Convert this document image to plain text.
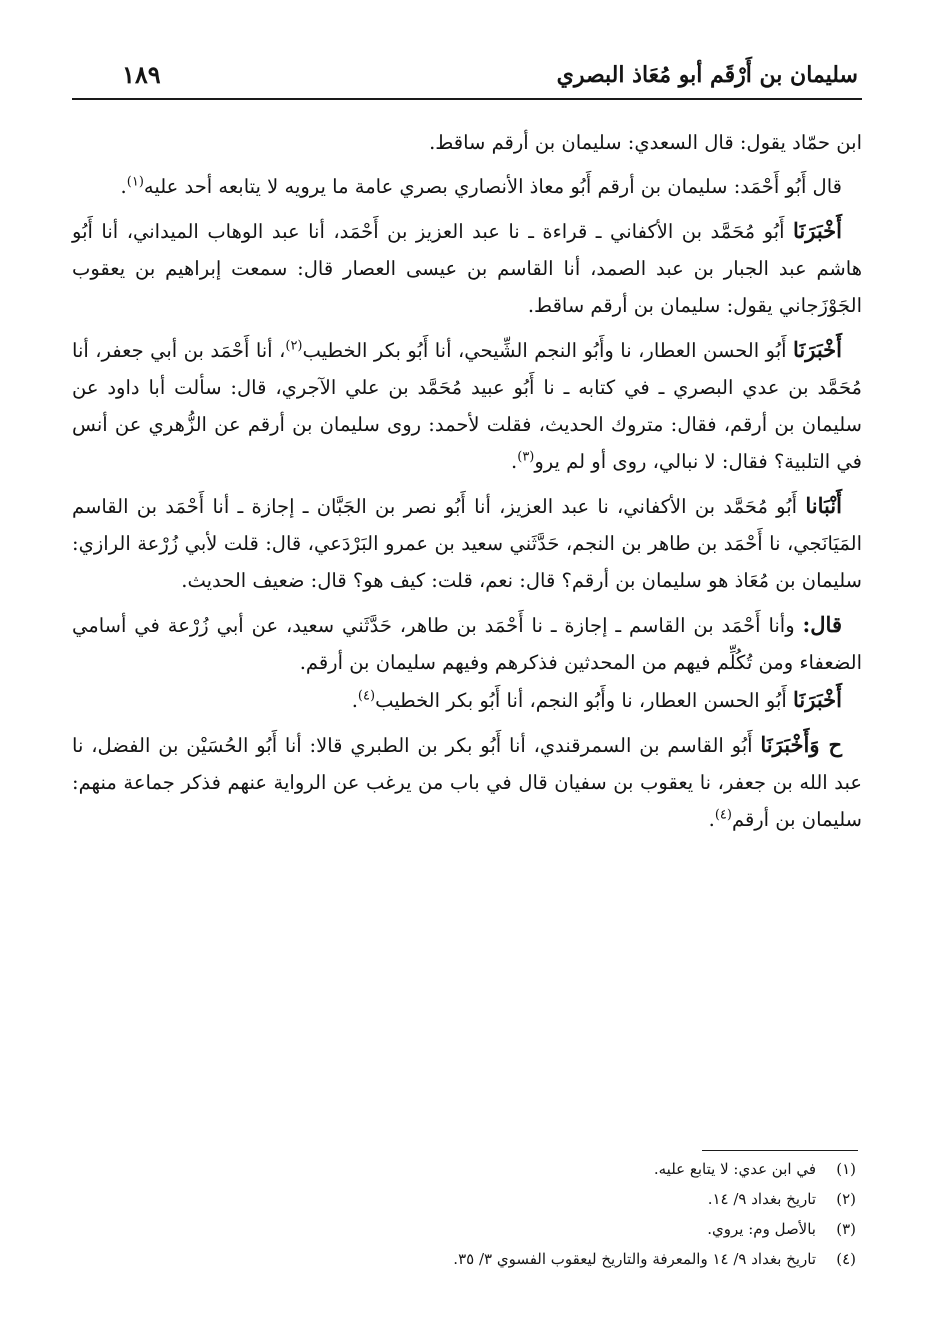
سليمان بن أَرْقَم أبو مُعَاذ البصري
١٨٩

ابن حمّاد يقول: قال السعدي: سليمان بن أرقم ساقط.

قال أَبُو أَحْمَد: سليمان بن أرقم أَبُو معاذ الأنصاري بصري عامة ما يرويه لا يتابعه أحد عليه$^{(١)}$.

أَخْبَرَنَا أَبُو مُحَمَّد بن الأكفاني ـ قراءة ـ نا عبد العزيز بن أَحْمَد، أنا عبد الوهاب الميداني، أنا أَبُو هاشم عبد الجبار بن عبد الصمد، أنا القاسم بن عيسى العصار قال: سمعت إبراهيم بن يعقوب الجَوْزَجاني يقول: سليمان بن أرقم ساقط.

أَخْبَرَنَا أَبُو الحسن العطار، نا وأَبُو النجم الشِّيحي، أنا أَبُو بكر الخطيب$^{(٢)}$، أنا أَحْمَد بن أبي جعفر، أنا مُحَمَّد بن عدي البصري ـ في كتابه ـ نا أَبُو عبيد مُحَمَّد بن علي الآجري، قال: سألت أبا داود عن سليمان بن أرقم، فقال: متروك الحديث، فقلت لأحمد: روى سليمان بن أرقم عن الزُّهري عن أنس في التلبية؟ فقال: لا نبالي، روى أو لم يرو$^{(٣)}$.

أَنْبَانا أَبُو مُحَمَّد بن الأكفاني، نا عبد العزيز، أنا أَبُو نصر بن الجَبَّان ـ إجازة ـ أنا أَحْمَد بن القاسم المَيَانَجي، نا أَحْمَد بن طاهر بن النجم، حَدَّثَني سعيد بن عمرو البَرْدَعي، قال: قلت لأبي زُرْعة الرازي: سليمان بن مُعَاذ هو سليمان بن أرقم؟ قال: نعم، قلت: كيف هو؟ قال: ضعيف الحديث.

قال: وأنا أَحْمَد بن القاسم ـ إجازة ـ نا أَحْمَد بن طاهر، حَدَّثَني سعيد، عن أبي زُرْعة في أسامي الضعفاء ومن تُكُلِّم فيهم من المحدثين فذكرهم وفيهم سليمان بن أرقم.

أَخْبَرَنَا أَبُو الحسن العطار، نا وأَبُو النجم، أنا أَبُو بكر الخطيب$^{(٤)}$.

ح وَأَخْبَرَنَا أَبُو القاسم بن السمرقندي، أنا أَبُو بكر بن الطبري قالا: أنا أَبُو الحُسَيْن بن الفضل، نا عبد الله بن جعفر، نا يعقوب بن سفيان قال في باب من يرغب عن الرواية عنهم فذكر جماعة منهم: سليمان بن أرقم$^{(٤)}$.

(١)
في ابن عدي: لا يتابع عليه.
(٢)
تاريخ بغداد ٩/ ١٤.
(٣)
بالأصل وم: يروي.
(٤)
تاريخ بغداد ٩/ ١٤ والمعرفة والتاريخ ليعقوب الفسوي ٣/ ٣٥.
